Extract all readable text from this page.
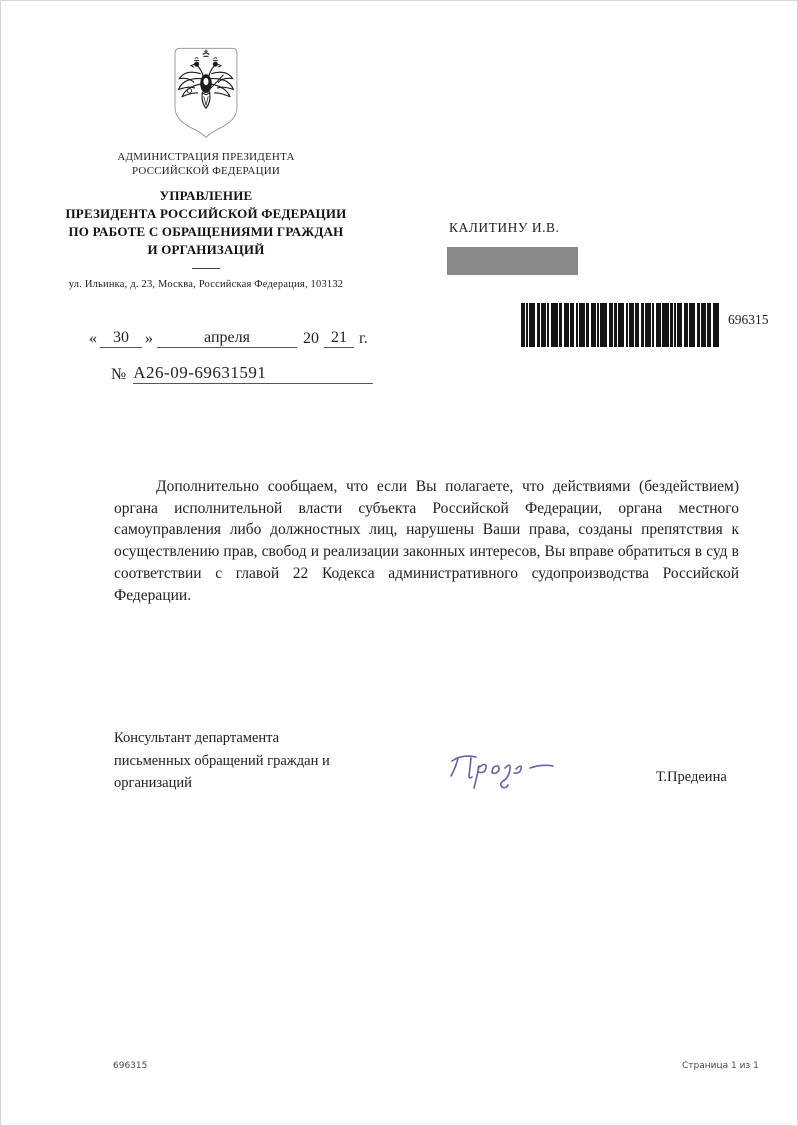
АДМИНИСТРАЦИЯ ПРЕЗИДЕНТА
РОССИЙСКОЙ ФЕДЕРАЦИИ
УПРАВЛЕНИЕ
ПРЕЗИДЕНТА РОССИЙСКОЙ ФЕДЕРАЦИИ
ПО РАБОТЕ С ОБРАЩЕНИЯМИ ГРАЖДАН
И ОРГАНИЗАЦИЙ
ул. Ильинка, д. 23, Москва, Российская Федерация, 103132
КАЛИТИНУ И.В.
696315
«	30	»	апреля	20 21 г.
№ А26-09-69631591
Дополнительно сообщаем, что если Вы полагаете, что действиями (бездействием) органа исполнительной власти субъекта Российской Федерации, органа местного самоуправления либо должностных лиц, нарушены Ваши права, созданы препятствия к осуществлению прав, свобод и реализации законных интересов, Вы вправе обратиться в суд в соответствии с главой 22 Кодекса административного судопроизводства Российской Федерации.
Консультант департамента
письменных обращений граждан и
организаций	Т.Предеина
696315	Страница 1 из 1
